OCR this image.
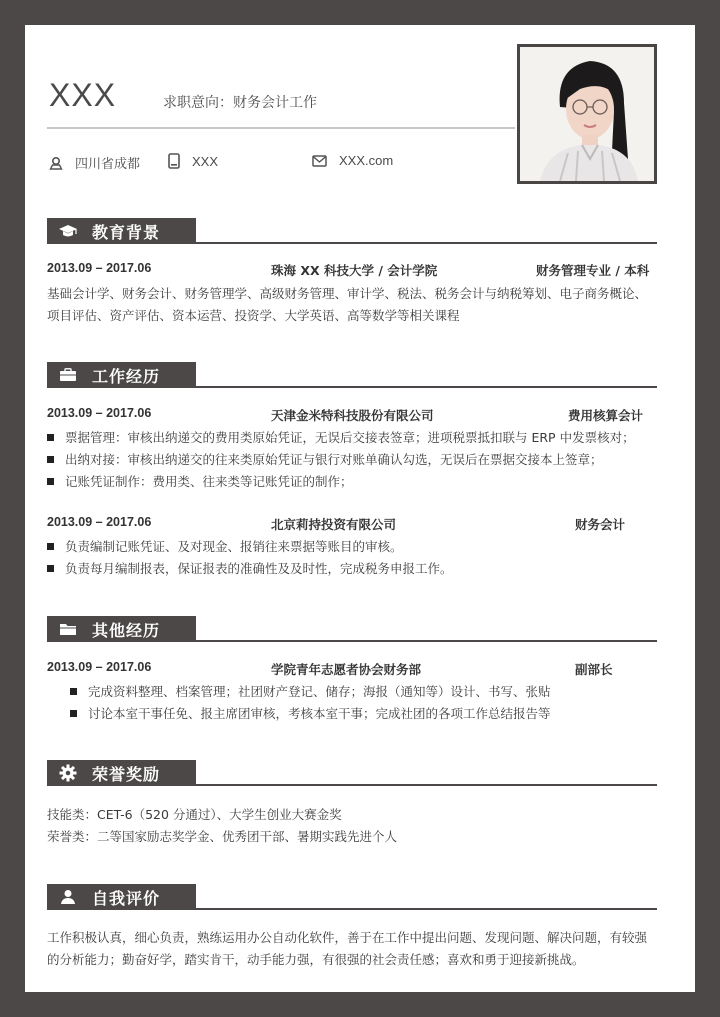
XXX	求职意向：财务会计工作
四川省成都	XXX	XXX.com
教育背景
2013.09 – 2017.06	珠海 XX 科技大学 / 会计学院	财务管理专业 / 本科
基础会计学、财务会计、财务管理学、高级财务管理、审计学、税法、税务会计与纳税筹划、电子商务概论、
项目评估、资产评估、资本运营、投资学、大学英语、高等数学等相关课程
工作经历
2013.09 – 2017.06	天津金米特科技股份有限公司	费用核算会计
票据管理：审核出纳递交的费用类原始凭证，无误后交接表签章；进项税票抵扣联与 ERP 中发票核对；
出纳对接：审核出纳递交的往来类原始凭证与银行对账单确认勾选，无误后在票据交接本上签章；
记账凭证制作：费用类、往来类等记账凭证的制作；
2013.09 – 2017.06	北京莉持投资有限公司	财务会计
负责编制记账凭证、及对现金、报销往来票据等账目的审核。
负责每月编制报表，保证报表的准确性及及时性，完成税务申报工作。
其他经历
2013.09 – 2017.06	学院青年志愿者协会财务部	副部长
完成资料整理、档案管理；社团财产登记、储存；海报（通知等）设计、书写、张贴
讨论本室干事任免、报主席团审核，考核本室干事；完成社团的各项工作总结报告等
荣誉奖励
技能类：CET-6（520 分通过）、大学生创业大赛金奖
荣誉类：二等国家励志奖学金、优秀团干部、暑期实践先进个人
自我评价
工作积极认真，细心负责，熟练运用办公自动化软件，善于在工作中提出问题、发现问题、解决问题，有较强
的分析能力；勤奋好学，踏实肯干，动手能力强，有很强的社会责任感；喜欢和勇于迎接新挑战。
